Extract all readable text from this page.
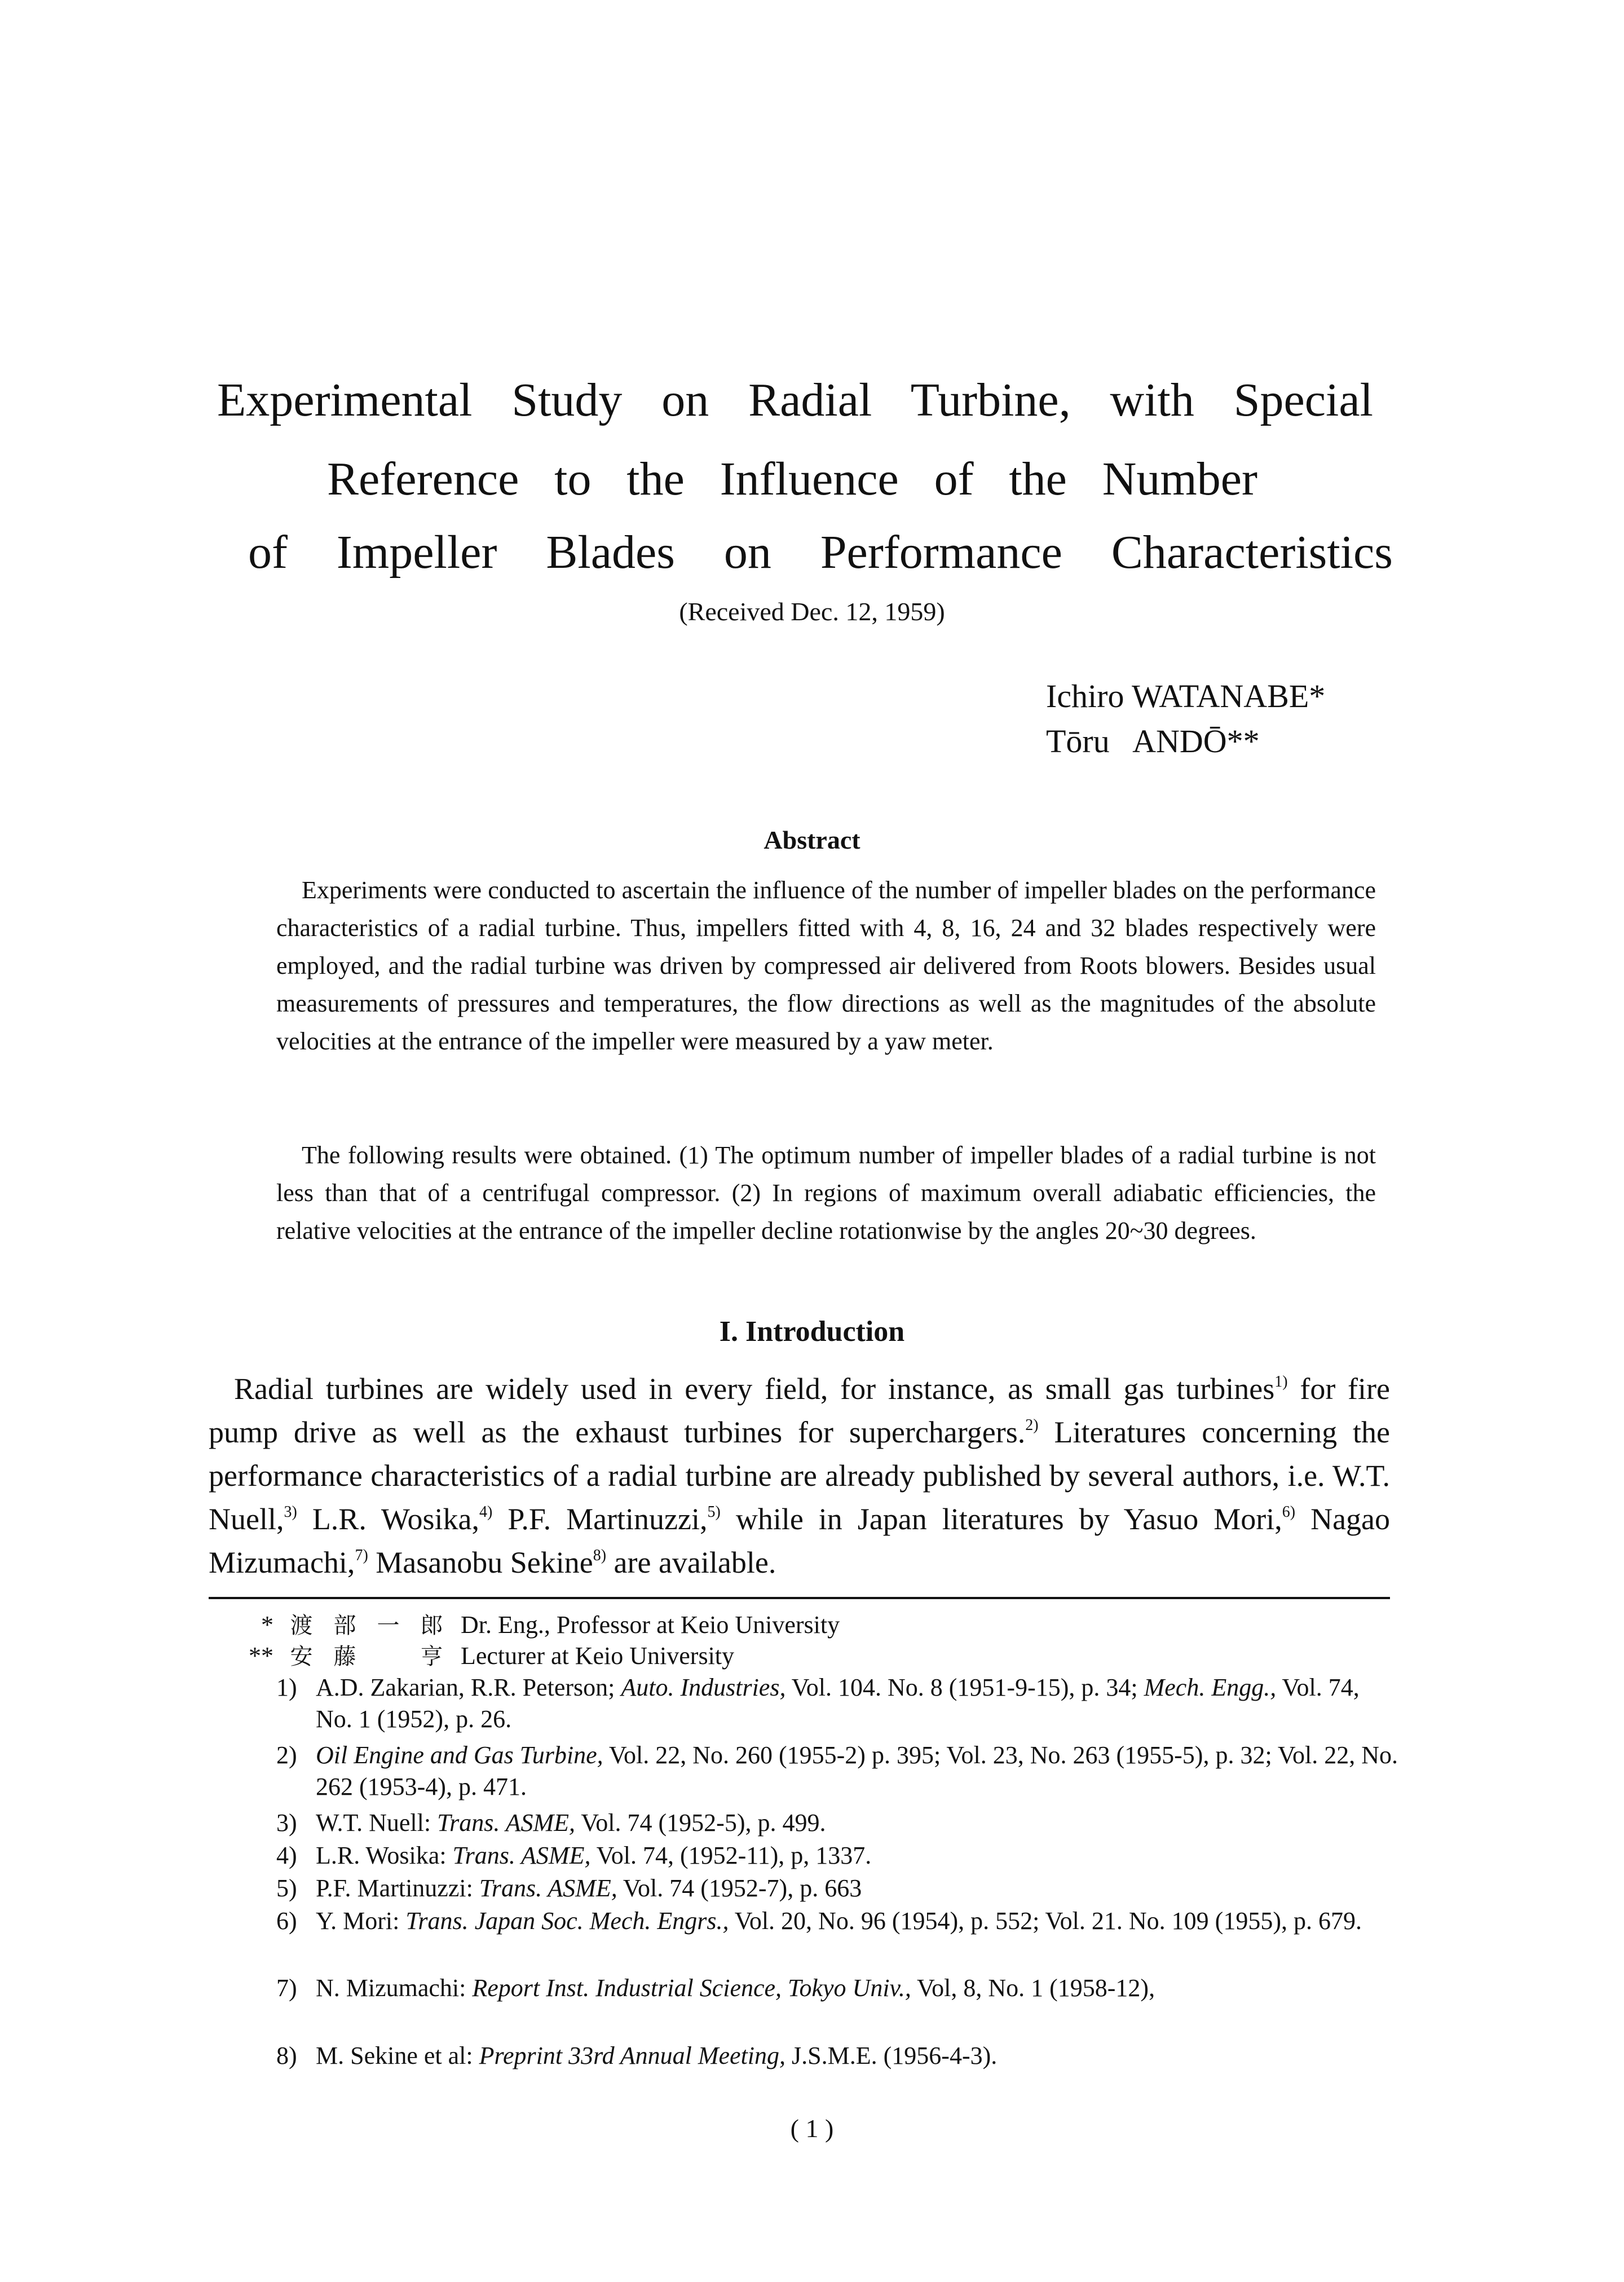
Experimental Study on Radial Turbine, with Special
Reference to the Influence of the Number
of Impeller Blades on Performance Characteristics
(Received Dec. 12, 1959)
Ichiro WATANABE*
Tōru ANDŌ**
Abstract

Experiments were conducted to ascertain the influence of the number of impeller blades on the performance characteristics of a radial turbine. Thus, impellers fitted with 4, 8, 16, 24 and 32 blades respectively were employed, and the radial turbine was driven by compressed air delivered from Roots blowers. Besides usual measurements of pressures and temperatures, the flow directions as well as the magnitudes of the absolute velocities at the entrance of the impeller were measured by a yaw meter.

The following results were obtained. (1) The optimum number of impeller blades of a radial turbine is not less than that of a centrifugal compressor. (2) In regions of maximum overall adiabatic efficiencies, the relative velocities at the entrance of the impeller decline rotationwise by the angles 20~30 degrees.

I. Introduction

Radial turbines are widely used in every field, for instance, as small gas turbines$^{1)}$ for fire pump drive as well as the exhaust turbines for superchargers.$^{2)}$ Literatures concerning the performance characteristics of a radial turbine are already published by several authors, i.e. W.T. Nuell,$^{3)}$ L.R. Wosika,$^{4)}$ P.F. Martinuzzi,$^{5)}$ while in Japan literatures by Yasuo Mori,$^{6)}$ Nagao Mizumachi,$^{7)}$ Masanobu Sekine$^{8)}$ are available.

* 渡 部 一 郎 Dr. Eng., Professor at Keio University
** 安 藤	亨 Lecturer at Keio University
1) A.D. Zakarian, R.R. Peterson; Auto. Industries, Vol. 104. No. 8 (1951-9-15), p. 34; Mech. Engg., Vol. 74, No. 1 (1952), p. 26.
2) Oil Engine and Gas Turbine, Vol. 22, No. 260 (1955-2) p. 395; Vol. 23, No. 263 (1955-5), p. 32; Vol. 22, No. 262 (1953-4), p. 471.
3) W.T. Nuell: Trans. ASME, Vol. 74 (1952-5), p. 499.
4) L.R. Wosika: Trans. ASME, Vol. 74, (1952-11), p, 1337.
5) P.F. Martinuzzi: Trans. ASME, Vol. 74 (1952-7), p. 663
6) Y. Mori: Trans. Japan Soc. Mech. Engrs., Vol. 20, No. 96 (1954), p. 552; Vol. 21. No. 109 (1955), p. 679.
7) N. Mizumachi: Report Inst. Industrial Science, Tokyo Univ., Vol, 8, No. 1 (1958-12),
8) M. Sekine et al: Preprint 33rd Annual Meeting, J.S.M.E. (1956-4-3).
( 1 )
